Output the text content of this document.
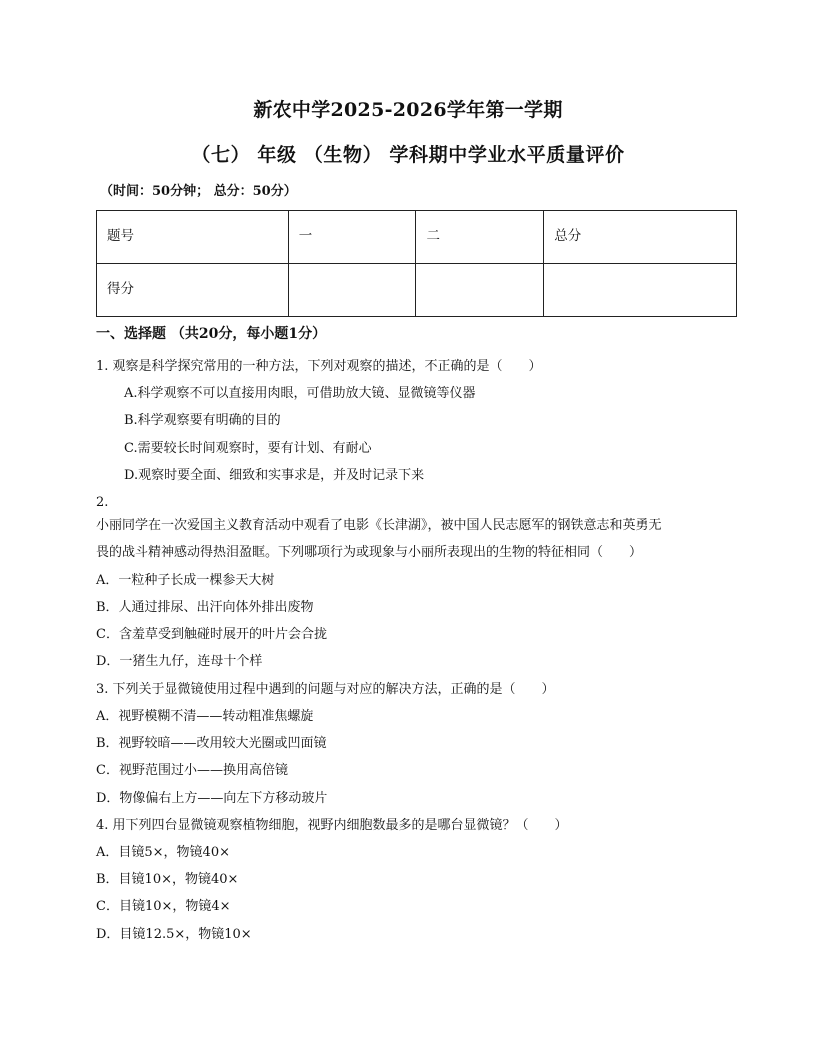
新农中学2025-2026学年第一学期
（七） 年级 （生物） 学科期中学业水平质量评价
（时间：50分钟； 总分：50分）
题号	一	二	总分
得分			
一、选择题 （共20分，每小题1分）
1. 观察是科学探究常用的一种方法，下列对观察的描述，不正确的是（　　）
A.科学观察不可以直接用肉眼，可借助放大镜、显微镜等仪器
B.科学观察要有明确的目的
C.需要较长时间观察时，要有计划、有耐心
D.观察时要全面、细致和实事求是，并及时记录下来
2.
小丽同学在一次爱国主义教育活动中观看了电影《长津湖》，被中国人民志愿军的钢铁意志和英勇无
畏的战斗精神感动得热泪盈眶。下列哪项行为或现象与小丽所表现出的生物的特征相同（　　）
A．一粒种子长成一棵参天大树
B．人通过排尿、出汗向体外排出废物
C．含羞草受到触碰时展开的叶片会合拢
D．一猪生九仔，连母十个样
3. 下列关于显微镜使用过程中遇到的问题与对应的解决方法，正确的是（　　）
A．视野模糊不清——转动粗准焦螺旋
B．视野较暗——改用较大光圈或凹面镜
C．视野范围过小——换用高倍镜
D．物像偏右上方——向左下方移动玻片
4. 用下列四台显微镜观察植物细胞，视野内细胞数最多的是哪台显微镜？（　　）
A．目镜5×，物镜40×
B．目镜10×，物镜40×
C．目镜10×，物镜4×
D．目镜12.5×，物镜10×
